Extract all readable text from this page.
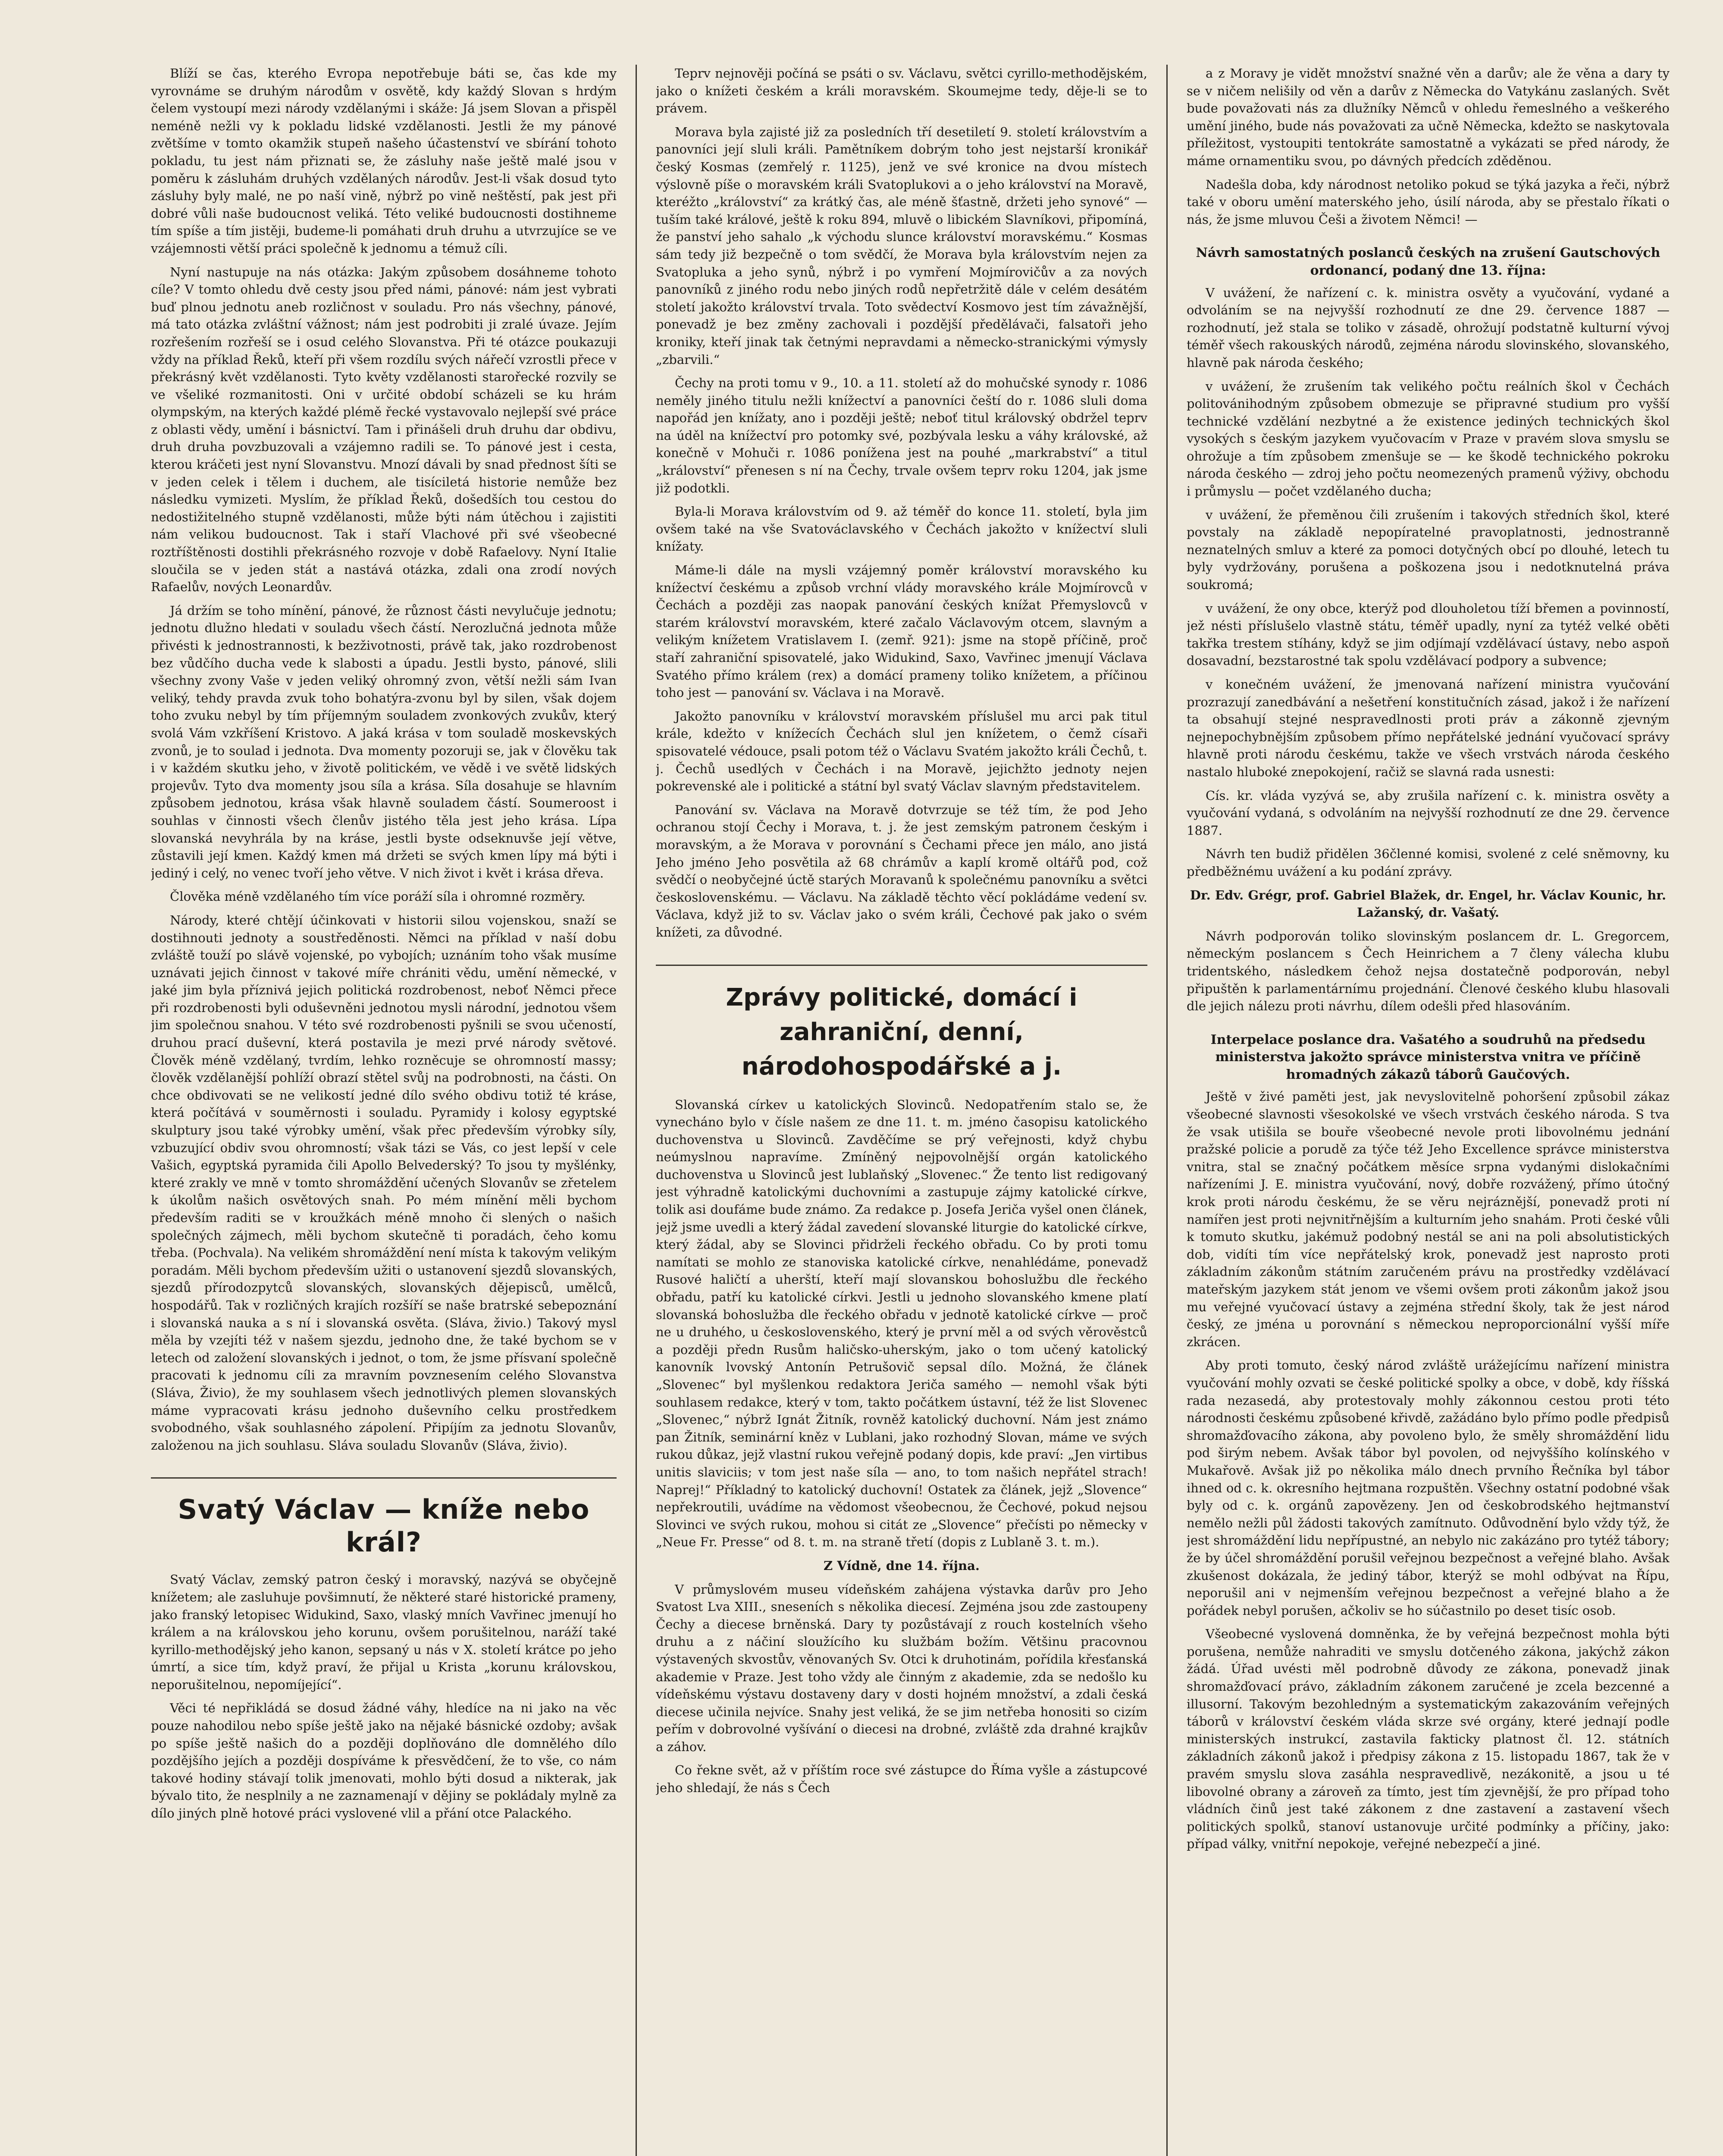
Blíží se čas, kterého Evropa nepotřebuje báti se, čas kde my vyrovnáme se druhým národům v osvětě, kdy každý Slovan s hrdým čelem vystoupí mezi národy vzdělanými i skáže: Já jsem Slovan a přispěl neméně nežli vy k pokladu lidské vzdělanosti. Jestli že my pánové zvětšíme v tomto okamžik stupeň našeho účastenství ve sbírání tohoto pokladu, tu jest nám přiznati se, že zásluhy naše ještě malé jsou v poměru k zásluhám druhých vzdělaných národův. Jest-li však dosud tyto zásluhy byly malé, ne po naší vině, nýbrž po vině neštěstí, pak jest při dobré vůli naše budoucnost veliká. Této veliké budoucnosti dostihneme tím spíše a tím jistěji, budeme-li pomáhati druh druhu a utvrzujíce se ve vzájemnosti větší práci společně k jednomu a témuž cíli.

Nyní nastupuje na nás otázka: Jakým způsobem dosáhneme tohoto cíle? V tomto ohledu dvě cesty jsou před námi, pánové: nám jest vybrati buď plnou jednotu aneb rozličnost v souladu. Pro nás všechny, pánové, má tato otázka zvláštní vážnost; nám jest podrobiti ji zralé úvaze. Jejím rozřešením rozřeší se i osud celého Slovanstva. Při té otázce poukazuji vždy na příklad Řeků, kteří při všem rozdílu svých nářečí vzrostli přece v překrásný květ vzdělanosti. Tyto květy vzdělanosti starořecké rozvily se ve všeliké rozmanitosti. Oni v určité období scházeli se ku hrám olympským, na kterých každé plémě řecké vystavovalo nejlepší své práce z oblasti vědy, umění i básnictví. Tam i přinášeli druh druhu dar obdivu, druh druha povzbuzovali a vzájemno radili se. To pánové jest i cesta, kterou kráčeti jest nyní Slovanstvu. Mnozí dávali by snad přednost šíti se v jeden celek i tělem i duchem, ale tisíciletá historie nemůže bez následku vymizeti. Myslím, že příklad Řeků, došedších tou cestou do nedostižitelného stupně vzdělanosti, může býti nám útěchou i zajistiti nám velikou budoucnost. Tak i staří Vlachové při své všeobecné roztříštěnosti dostihli překrásného rozvoje v době Rafaelovy. Nyní Italie sloučila se v jeden stát a nastává otázka, zdali ona zrodí nových Rafaelův, nových Leonardův.

Já držím se toho mínění, pánové, že různost části nevylučuje jednotu; jednotu dlužno hledati v souladu všech částí. Nerozlučná jednota může přivésti k jednostrannosti, k bezživotnosti, právě tak, jako rozdrobenost bez vůdčího ducha vede k slabosti a úpadu. Jestli bysto, pánové, slili všechny zvony Vaše v jeden veliký ohromný zvon, větší nežli sám Ivan veliký, tehdy pravda zvuk toho bohatýra-zvonu byl by silen, však dojem toho zvuku nebyl by tím příjemným souladem zvonkových zvukův, který svolá Vám vzkříšení Kristovo. A jaká krása v tom souladě moskevských zvonů, je to soulad i jednota. Dva momenty pozoruji se, jak v člověku tak i v každém skutku jeho, v životě politickém, ve vědě i ve světě lidských projevův. Tyto dva momenty jsou síla a krása. Síla dosahuje se hlavním způsobem jednotou, krása však hlavně souladem částí. Soumeroost i souhlas v činnosti všech členův jistého těla jest jeho krása. Lípa slovanská nevyhrála by na kráse, jestli byste odseknuvše její větve, zůstavili její kmen. Každý kmen má držeti se svých kmen lípy má býti i jediný i celý, no venec tvoří jeho větve. V nich život i květ i krása dřeva.

Člověka méně vzdělaného tím více poráží síla i ohromné rozměry.

Národy, které chtějí účinkovati v historii silou vojenskou, snaží se dostihnouti jednoty a soustředěnosti. Němci na příklad v naší dobu zvláště touží po slávě vojenské, po vybojích; uznáním toho však musíme uznávati jejich činnost v takové míře chrániti vědu, umění německé, v jaké jim byla příznivá jejich politická rozdrobenost, neboť Němci přece při rozdrobenosti byli oduševněni jednotou mysli národní, jednotou všem jim společnou snahou. V této své rozdrobenosti pyšnili se svou učeností, druhou prací duševní, která postavila je mezi prvé národy světové. Člověk méně vzdělaný, tvrdím, lehko rozněcuje se ohromností massy; člověk vzdělanější pohlíží obrazí stětel svůj na podrobnosti, na části. On chce obdivovati se ne velikostí jedné dílo svého obdivu totiž té kráse, která počítává v souměrnosti i souladu. Pyramidy i kolosy egyptské skulptury jsou také výrobky umění, však přec především výrobky síly, vzbuzující obdiv svou ohromností; však tázi se Vás, co jest lepší v cele Vašich, egyptská pyramida čili Apollo Belvederský? To jsou ty myšlénky, které zrakly ve mně v tomto shromáždění učených Slovanův se zřetelem k úkolům našich osvětových snah. Po mém mínění měli bychom především raditi se v kroužkách méně mnoho či slených o našich společných zájmech, měli bychom skutečně ti poradách, čeho komu třeba. (Pochvala). Na velikém shromáždění není místa k takovým velikým poradám. Měli bychom především užiti o ustanovení sjezdů slovanských, sjezdů přírodozpytců slovanských, slovanských dějepisců, umělců, hospodářů. Tak v rozličných krajích rozšíří se naše bratrské sebepoznání i slovanská nauka a s ní i slovanská osvěta. (Sláva, živio.) Takový mysl měla by vzejíti též v našem sjezdu, jednoho dne, že také bychom se v letech od založení slovanských i jednot, o tom, že jsme přísvaní společně pracovati k jednomu cíli za mravním povznesením celého Slovanstva (Sláva, Živio), že my souhlasem všech jednotlivých plemen slovanských máme vypracovati krásu jednoho duševního celku prostředkem svobodného, však souhlasného zápolení. Připíjím za jednotu Slovanův, založenou na jich souhlasu. Sláva souladu Slovanův (Sláva, živio).

Svatý Václav — kníže nebo král?

Svatý Václav, zemský patron český i moravský, nazývá se obyčejně knížetem; ale zasluhuje povšimnutí, že některé staré historické prameny, jako franský letopisec Widukind, Saxo, vlaský mních Vavřinec jmenují ho králem a na královskou jeho korunu, ovšem porušitelnou, naráží také kyrillo-methodějský jeho kanon, sepsaný u nás v X. století krátce po jeho úmrtí, a sice tím, když praví, že přijal u Krista „korunu královskou, neporušitelnou, nepomíjející“.

Věci té nepřikládá se dosud žádné váhy, hledíce na ni jako na věc pouze nahodilou nebo spíše ještě jako na nějaké básnické ozdoby; avšak po spíše ještě našich do a později doplňováno dle domnělého dílo pozdějšího jejích a později dospíváme k přesvědčení, že to vše, co nám takové hodiny stávají tolik jmenovati, mohlo býti dosud a nikterak, jak bývalo tito, že nesplnily a ne zaznamenají v dějiny se pokládaly mylně za dílo jiných plně hotové práci vyslovené vlil a přání otce Palackého.

Teprv nejnověji počíná se psáti o sv. Václavu, světci cyrillo-methodějském, jako o knížeti českém a králi moravském. Skoumejme tedy, děje-li se to právem.

Morava byla zajisté již za posledních tří desetiletí 9. století královstvím a panovníci její sluli králi. Pamětníkem dobrým toho jest nejstarší kronikář český Kosmas (zemřelý r. 1125), jenž ve své kronice na dvou místech výslovně píše o moravském králi Svatoplukovi a o jeho království na Moravě, kteréžto „království“ za krátký čas, ale méně šťastně, držeti jeho synové“ — tuším také králové, ještě k roku 894, mluvě o libickém Slavníkovi, připomíná, že panství jeho sahalo „k východu slunce království moravskému.“ Kosmas sám tedy již bezpečně o tom svědčí, že Morava byla královstvím nejen za Svatopluka a jeho synů, nýbrž i po vymření Mojmírovičův a za nových panovníků z jiného rodu nebo jiných rodů nepřetržitě dále v celém desátém století jakožto království trvala. Toto svědectví Kosmovo jest tím závažnější, ponevadž je bez změny zachovali i pozdější předělávači, falsatoři jeho kroniky, kteří jinak tak četnými nepravdami a německo-stranickými výmysly „zbarvili.“

Čechy na proti tomu v 9., 10. a 11. století až do mohučské synody r. 1086 neměly jiného titulu nežli knížectví a panovníci čeští do r. 1086 sluli doma napořád jen knížaty, ano i později ještě; neboť titul královský obdržel teprv na úděl na knížectví pro potomky své, pozbývala lesku a váhy královské, až konečně v Mohuči r. 1086 ponížena jest na pouhé „markrabství“ a titul „království“ přenesen s ní na Čechy, trvale ovšem teprv roku 1204, jak jsme již podotkli.

Byla-li Morava královstvím od 9. až téměř do konce 11. století, byla jim ovšem také na vše Svatováclavského v Čechách jakožto v knížectví sluli knížaty.

Máme-li dále na mysli vzájemný poměr království moravského ku knížectví českému a způsob vrchní vlády moravského krále Mojmírovců v Čechách a později zas naopak panování českých knížat Přemyslovců v starém království moravském, které začalo Václavovým otcem, slavným a velikým knížetem Vratislavem I. (zemř. 921): jsme na stopě příčině, proč staří zahraniční spisovatelé, jako Widukind, Saxo, Vavřinec jmenují Václava Svatého přímo králem (rex) a domácí prameny toliko knížetem, a příčinou toho jest — panování sv. Václava i na Moravě.

Jakožto panovníku v království moravském příslušel mu arci pak titul krále, kdežto v knížecích Čechách slul jen knížetem, o čemž císaři spisovatelé védouce, psali potom též o Václavu Svatém jakožto králi Čechů, t. j. Čechů usedlých v Čechách i na Moravě, jejichžto jednoty nejen pokrevenské ale i politické a státní byl svatý Václav slavným představitelem.

Panování sv. Václava na Moravě dotvrzuje se též tím, že pod Jeho ochranou stojí Čechy i Morava, t. j. že jest zemským patronem českým i moravským, a že Morava v porovnání s Čechami přece jen málo, ano jistá Jeho jméno Jeho posvětila až 68 chrámův a kaplí kromě oltářů pod, což svědčí o neobyčejné úctě starých Moravanů k společnému panovníku a světci československému. — Václavu. Na základě těchto věcí pokládáme vedení sv. Václava, když již to sv. Václav jako o svém králi, Čechové pak jako o svém knížeti, za důvodné.

Zprávy politické, domácí i zahraniční, denní, národohospodářské a j.

Slovanská církev u katolických Slovinců. Nedopatřením stalo se, že vynecháno bylo v čísle našem ze dne 11. t. m. jméno časopisu katolického duchovenstva u Slovinců. Zavděčíme se prý veřejnosti, když chybu neúmyslnou napravíme. Zmíněný nejpovolnější orgán katolického duchovenstva u Slovinců jest lublaňský „Slovenec.“ Že tento list redigovaný jest výhradně katolickými duchovními a zastupuje zájmy katolické církve, tolik asi doufáme bude známo. Za redakce p. Josefa Jeriča vyšel onen článek, jejž jsme uvedli a který žádal zavedení slovanské liturgie do katolické církve, který žádal, aby se Slovinci přidrželi řeckého obřadu. Co by proti tomu namítati se mohlo ze stanoviska katolické církve, nenahlédáme, ponevadž Rusové haličtí a uherští, kteří mají slovanskou bohoslužbu dle řeckého obřadu, patří ku katolické církvi. Jestli u jednoho slovanského kmene platí slovanská bohoslužba dle řeckého obřadu v jednotě katolické církve — proč ne u druhého, u československého, který je první měl a od svých věrověstců a později předn Rusům haličsko-uherským, jako o tom učený katolický kanovník lvovský Antonín Petrušovič sepsal dílo. Možná, že článek „Slovenec“ byl myšlenkou redaktora Jeriča samého — nemohl však býti souhlasem redakce, který v tom, takto počátkem ústavní, též že list Slovenec „Slovenec,“ nýbrž Ignát Žitník, rovněž katolický duchovní. Nám jest známo pan Žitník, seminární kněz v Lublani, jako rozhodný Slovan, máme ve svých rukou důkaz, jejž vlastní rukou veřejně podaný dopis, kde praví: „Jen virtibus unitis slaviciis; v tom jest naše síla — ano, to tom našich nepřátel strach! Naprej!“ Příkladný to katolický duchovní! Ostatek za článek, jejž „Slovence“ nepřekroutili, uvádíme na vědomost všeobecnou, že Čechové, pokud nejsou Slovinci ve svých rukou, mohou si citát ze „Slovence“ přečísti po německy v „Neue Fr. Presse“ od 8. t. m. na straně třetí (dopis z Lublaně 3. t. m.).

Z Vídně, dne 14. října.

V průmyslovém museu vídeňském zahájena výstavka darův pro Jeho Svatost Lva XIII., sneseních s několika diecesí. Zejména jsou zde zastoupeny Čechy a diecese brněnská. Dary ty pozůstávají z rouch kostelních všeho druhu a z náčiní sloužícího ku službám božím. Většinu pracovnou výstavených skvostův, věnovaných Sv. Otci k druhotinám, pořídila křesťanská akademie v Praze. Jest toho vždy ale činným z akademie, zda se nedošlo ku vídeňskému výstavu dostaveny dary v dosti hojném množství, a zdali česká diecese učinila nejvíce. Snahy jest veliká, že se jim netřeba honositi so cizím peřím v dobrovolné vyšívání o diecesi na drobné, zvláště zda drahné krajkův a záhov.

Co řekne svět, až v příštím roce své zástupce do Říma vyšle a zástupcové jeho shledají, že nás s Čech

a z Moravy je vidět množství snažné věn a darův; ale že věna a dary ty se v ničem nelišily od věn a darův z Německa do Vatykánu zaslaných. Svět bude považovati nás za dlužníky Němců v ohledu řemeslného a veškerého umění jiného, bude nás považovati za učně Německa, kdežto se naskytovala příležitost, vystoupiti tentokráte samostatně a vykázati se před národy, že máme ornamentiku svou, po dávných předcích zděděnou.

Nadešla doba, kdy národnost netoliko pokud se týká jazyka a řeči, nýbrž také v oboru umění materského jeho, úsilí národa, aby se přestalo říkati o nás, že jsme mluvou Češi a životem Němci! —

Návrh samostatných poslanců českých na zrušení Gautschových ordonancí, podaný dne 13. října:

V uvážení, že nařízení c. k. ministra osvěty a vyučování, vydané a odvoláním se na nejvyšší rozhodnutí ze dne 29. července 1887 — rozhodnutí, jež stala se toliko v zásadě, ohrožují podstatně kulturní vývoj téměř všech rakouských národů, zejména národu slovinského, slovanského, hlavně pak národa českého;

v uvážení, že zrušením tak velikého počtu reálních škol v Čechách politovánihodným způsobem obmezuje se připravné studium pro vyšší technické vzdělání nezbytné a že existence jediných technických škol vysokých s českým jazykem vyučovacím v Praze v pravém slova smyslu se ohrožuje a tím způsobem zmenšuje se — ke škodě technického pokroku národa českého — zdroj jeho počtu neomezených pramenů výživy, obchodu i průmyslu — počet vzdělaného ducha;

v uvážení, že přeměnou čili zrušením i takových středních škol, které povstaly na základě nepopíratelné pravoplatnosti, jednostranně neznatelných smluv a které za pomoci dotyčných obcí po dlouhé, letech tu byly vydržovány, porušena a poškozena jsou i nedotknutelná práva soukromá;

v uvážení, že ony obce, kterýž pod dlouholetou tíží břemen a povinností, jež nésti příslušelo vlastně státu, téměř upadly, nyní za tytéž velké oběti takřka trestem stíhány, když se jim odjímají vzdělávací ústavy, nebo aspoň dosavadní, bezstarostné tak spolu vzdělávací podpory a subvence;

v konečném uvážení, že jmenovaná nařízení ministra vyučování prozrazují zanedbávání a nešetření konstitučních zásad, jakož i že nařízení ta obsahují stejné nespravedlnosti proti práv a zákonně zjevným nejnepochybnějším způsobem přímo nepřátelské jednání vyučovací správy hlavně proti národu českému, takže ve všech vrstvách národa českého nastalo hluboké znepokojení, račiž se slavná rada usnesti:

Cís. kr. vláda vyzývá se, aby zrušila nařízení c. k. ministra osvěty a vyučování vydaná, s odvoláním na nejvyšší rozhodnutí ze dne 29. července 1887.

Návrh ten budiž přidělen 36členné komisi, svolené z celé sněmovny, ku předběžnému uvážení a ku podání zprávy.

Dr. Edv. Grégr, prof. Gabriel Blažek, dr. Engel, hr. Václav Kounic, hr. Lažanský, dr. Vašatý.

Návrh podporován toliko slovinským poslancem dr. L. Gregorcem, německým poslancem s Čech Heinrichem a 7 členy válecha klubu tridentského, následkem čehož nejsa dostatečně podporován, nebyl připuštěn k parlamentárnímu projednání. Členové českého klubu hlasovali dle jejich nálezu proti návrhu, dílem odešli před hlasováním.

Interpelace poslance dra. Vašatého a soudruhů na předsedu ministerstva jakožto správce ministerstva vnitra ve příčině hromadných zákazů táborů Gaučových.

Ještě v živé paměti jest, jak nevyslovitelně pohoršení způsobil zákaz všeobecné slavnosti všesokolské ve všech vrstvách českého národa. S tva že vsak utišila se bouře všeobecné nevole proti libovolnému jednání pražské policie a porudě za týče též Jeho Excellence správce ministerstva vnitra, stal se značný počátkem měsíce srpna vydanými dislokačními nařízeními J. E. ministra vyučování, nový, dobře rozvážený, přímo útočný krok proti národu českému, že se věru nejráznější, ponevadž proti ní namířen jest proti nejvnitřnějším a kulturním jeho snahám. Proti české vůli k tomuto skutku, jakémuž podobný nestál se ani na poli absolutistických dob, vidíti tím více nepřátelský krok, ponevadž jest naprosto proti základním zákonům státním zaručeném právu na prostředky vzdělávací mateřským jazykem stát jenom ve všemi ovšem proti zákonům jakož jsou mu veřejné vyučovací ústavy a zejména střední školy, tak že jest národ český, ze jména u porovnání s německou neproporcionální vyšší míře zkrácen.

Aby proti tomuto, český národ zvláště urážejícímu nařízení ministra vyučování mohly ozvati se české politické spolky a obce, v době, kdy říšská rada nezasedá, aby protestovaly mohly zákonnou cestou proti této národnosti českému způsobené křivdě, zažádáno bylo přímo podle předpisů shromažďovacího zákona, aby povoleno bylo, že směly shromáždění lidu pod širým nebem. Avšak tábor byl povolen, od nejvyššího kolínského v Mukařově. Avšak již po několika málo dnech prvního Řečníka byl tábor ihned od c. k. okresního hejtmana rozpuštěn. Všechny ostatní podobné však byly od c. k. orgánů zapovězeny. Jen od českobrodského hejtmanství nemělo nežli půl žádosti takových zamítnuto. Odůvodnění bylo vždy týž, že jest shromáždění lidu nepřípustné, an nebylo nic zakázáno pro tytéž tábory; že by účel shromáždění porušil veřejnou bezpečnost a veřejné blaho. Avšak zkušenost dokázala, že jediný tábor, kterýž se mohl odbývat na Řípu, neporušil ani v nejmenším veřejnou bezpečnost a veřejné blaho a že pořádek nebyl porušen, ačkoliv se ho súčastnilo po deset tisíc osob.

Všeobecné vyslovená domněnka, že by veřejná bezpečnost mohla býti porušena, nemůže nahraditi ve smyslu dotčeného zákona, jakýchž zákon žádá. Úřad uvésti měl podrobně důvody ze zákona, ponevadž jinak shromažďovací právo, základním zákonem zaručené je zcela bezcenné a illusorní. Takovým bezohledným a systematickým zakazováním veřejných táborů v království českém vláda skrze své orgány, které jednají podle ministerských instrukcí, zastavila fakticky platnost čl. 12. státních základních zákonů jakož i předpisy zákona z 15. listopadu 1867, tak že v pravém smyslu slova zasáhla nespravedlivě, nezákonitě, a jsou u té libovolné obrany a zároveň za tímto, jest tím zjevnější, že pro případ toho vládních činů jest také zákonem z dne zastavení a zastavení všech politických spolků, stanoví ustanovuje určité podmínky a příčiny, jako: případ války, vnitřní nepokoje, veřejné nebezpečí a jiné.
